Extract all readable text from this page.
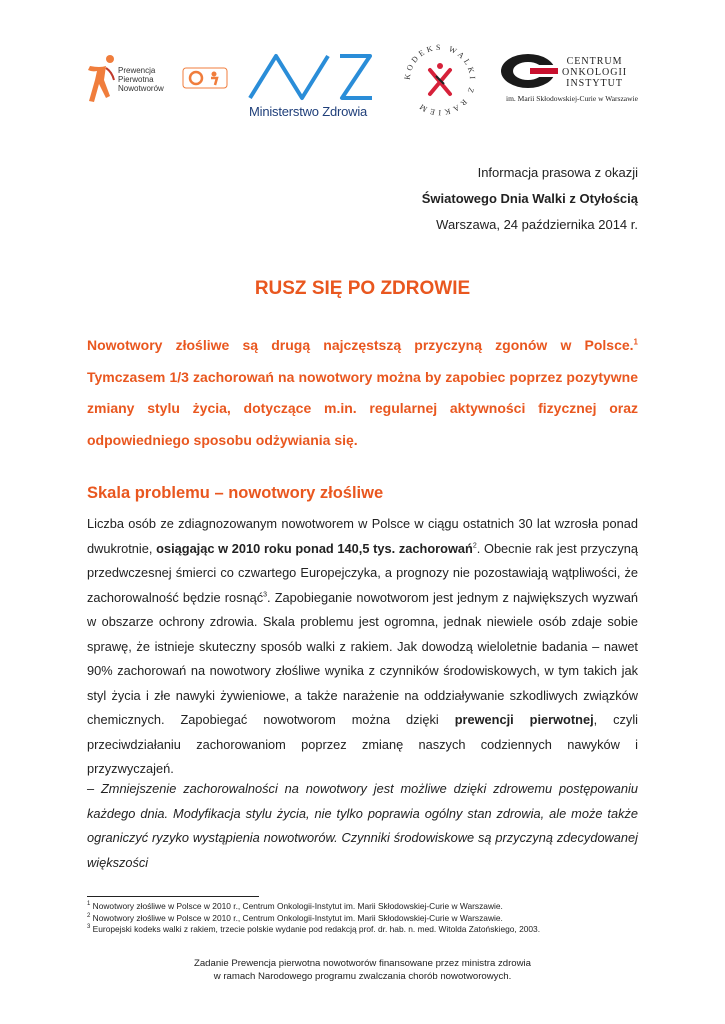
Prewencja
Pierwotna
Nowotworów
Ministerstwo Zdrowia
KODEKS WALKI Z RAKIEM
CENTRUM
ONKOLOGII
INSTYTUT
im. Marii Skłodowskiej-Curie w Warszawie
Informacja prasowa z okazji
Światowego Dnia Walki z Otyłością
Warszawa, 24 października 2014 r.
RUSZ SIĘ PO ZDROWIE
Nowotwory złośliwe są drugą najczęstszą przyczyną zgonów w Polsce.$^1$ Tymczasem 1/3 zachorowań na nowotwory można by zapobiec poprzez pozytywne zmiany stylu życia, dotyczące m.in. regularnej aktywności fizycznej oraz odpowiedniego sposobu odżywiania się.
Skala problemu – nowotwory złośliwe
Liczba osób ze zdiagnozowanym nowotworem w Polsce w ciągu ostatnich 30 lat wzrosła ponad dwukrotnie, osiągając w 2010 roku ponad 140,5 tys. zachorowań$^2$. Obecnie rak jest przyczyną przedwczesnej śmierci co czwartego Europejczyka, a prognozy nie pozostawiają wątpliwości, że zachorowalność będzie rosnąć$^3$. Zapobieganie nowotworom jest jednym z największych wyzwań w obszarze ochrony zdrowia. Skala problemu jest ogromna, jednak niewiele osób zdaje sobie sprawę, że istnieje skuteczny sposób walki z rakiem. Jak dowodzą wieloletnie badania – nawet 90% zachorowań na nowotwory złośliwe wynika z czynników środowiskowych, w tym takich jak styl życia i złe nawyki żywieniowe, a także narażenie na oddziaływanie szkodliwych związków chemicznych. Zapobiegać nowotworom można dzięki prewencji pierwotnej, czyli przeciwdziałaniu zachorowaniom poprzez zmianę naszych codziennych nawyków i przyzwyczajeń.
– Zmniejszenie zachorowalności na nowotwory jest możliwe dzięki zdrowemu postępowaniu każdego dnia. Modyfikacja stylu życia, nie tylko poprawia ogólny stan zdrowia, ale może także ograniczyć ryzyko wystąpienia nowotworów. Czynniki środowiskowe są przyczyną zdecydowanej większości
$^1$ Nowotwory złośliwe w Polsce w 2010 r., Centrum Onkologii-Instytut im. Marii Skłodowskiej-Curie w Warszawie.
$^2$ Nowotwory złośliwe w Polsce w 2010 r., Centrum Onkologii-Instytut im. Marii Skłodowskiej-Curie w Warszawie.
$^3$ Europejski kodeks walki z rakiem, trzecie polskie wydanie pod redakcją prof. dr. hab. n. med. Witolda Zatońskiego, 2003.
Zadanie Prewencja pierwotna nowotworów finansowane przez ministra zdrowia
w ramach Narodowego programu zwalczania chorób nowotworowych.
